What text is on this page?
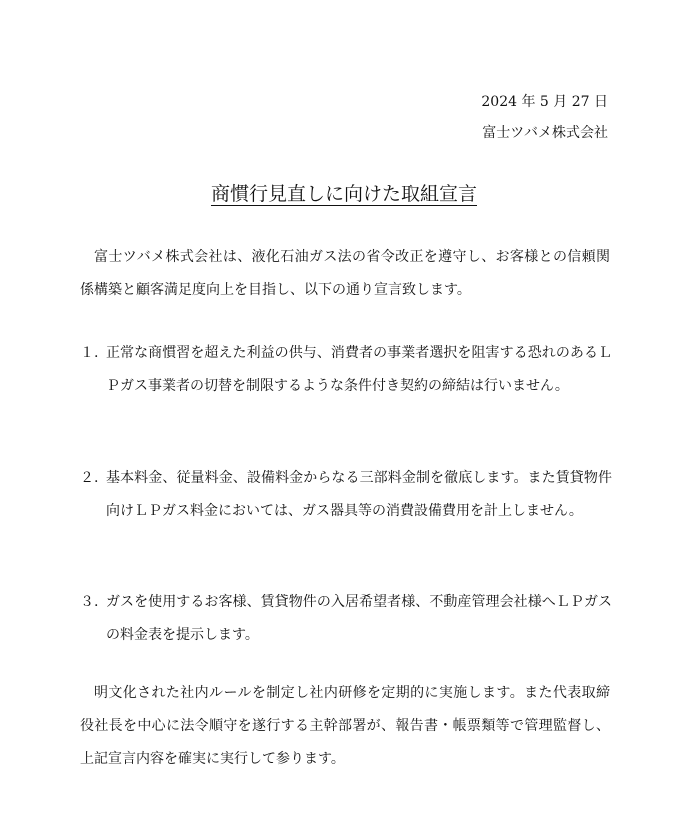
2024 年 5 月 27 日
富士ツバメ株式会社
商慣行見直しに向けた取組宣言

富士ツバメ株式会社は、液化石油ガス法の省令改正を遵守し、お客様との信頼関係構築と顧客満足度向上を目指し、以下の通り宣言致します。

１. 正常な商慣習を超えた利益の供与、消費者の事業者選択を阻害する恐れのあるＬＰガス事業者の切替を制限するような条件付き契約の締結は行いません。
２. 基本料金、従量料金、設備料金からなる三部料金制を徹底します。また賃貸物件向けＬＰガス料金においては、ガス器具等の消費設備費用を計上しません。
３. ガスを使用するお客様、賃貸物件の入居希望者様、不動産管理会社様へＬＰガスの料金表を提示します。

明文化された社内ルールを制定し社内研修を定期的に実施します。また代表取締役社長を中心に法令順守を遂行する主幹部署が、報告書・帳票類等で管理監督し、上記宣言内容を確実に実行して参ります。
